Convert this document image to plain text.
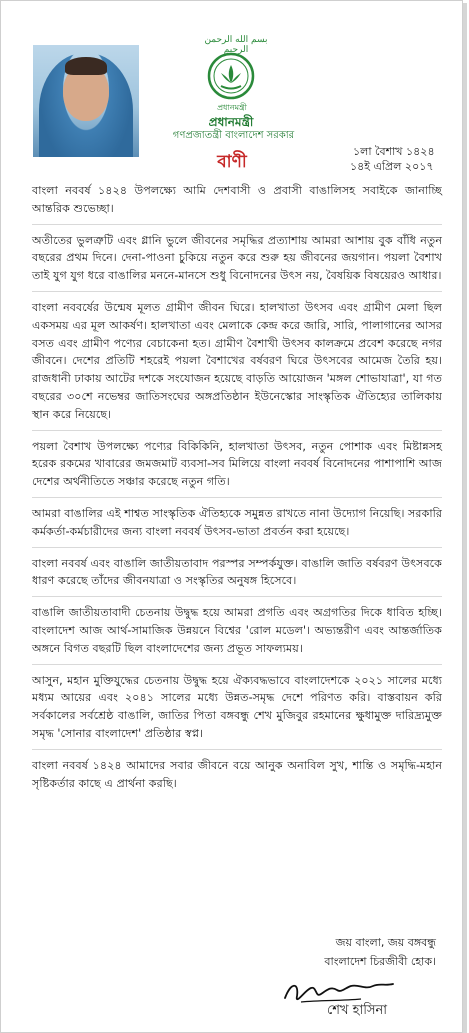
بسم الله الرحمن الرحيم
প্রধানমন্ত্রী
প্রধানমন্ত্রী
গণপ্রজাতন্ত্রী বাংলাদেশ সরকার
বাণী
১লা বৈশাখ ১৪২৪
১৪ই এপ্রিল ২০১৭

বাংলা নববর্ষ ১৪২৪ উপলক্ষ্যে আমি দেশবাসী ও প্রবাসী বাঙালিসহ সবাইকে জানাচ্ছি আন্তরিক শুভেচ্ছা।

অতীতের ভুলত্রুটি এবং গ্লানি ভুলে জীবনের সমৃদ্ধির প্রত্যাশায় আমরা আশায় বুক বাঁধি নতুন বছরের প্রথম দিনে। দেনা-পাওনা চুকিয়ে নতুন করে শুরু হয় জীবনের জয়গান। পয়লা বৈশাখ তাই যুগ যুগ ধরে বাঙালির মননে-মানসে শুধু বিনোদনের উৎস নয়, বৈষয়িক বিষয়েরও আধার।

বাংলা নববর্ষের উন্মেষ মূলত গ্রামীণ জীবন ঘিরে। হালখাতা উৎসব এবং গ্রামীণ মেলা ছিল একসময় এর মূল আকর্ষণ। হালখাতা এবং মেলাকে কেন্দ্র করে জারি, সারি, পালাগানের আসর বসত এবং গ্রামীণ পণ্যের বেচাকেনা হত। গ্রামীণ বৈশাখী উৎসব কালক্রমে প্রবেশ করেছে নগর জীবনে। দেশের প্রতিটি শহরেই পয়লা বৈশাখের বর্ষবরণ ঘিরে উৎসবের আমেজ তৈরি হয়। রাজধানী ঢাকায় আটের দশকে সংযোজন হয়েছে বাড়তি আয়োজন 'মঙ্গল শোভাযাত্রা', যা গত বছরের ৩০শে নভেম্বর জাতিসংঘের অঙ্গপ্রতিষ্ঠান ইউনেস্কোর সাংস্কৃতিক ঐতিহ্যের তালিকায় স্থান করে নিয়েছে।

পয়লা বৈশাখ উপলক্ষ্যে পণ্যের বিকিকিনি, হালখাতা উৎসব, নতুন পোশাক এবং মিষ্টান্নসহ হরেক রকমের খাবারের জমজমাট ব্যবসা-সব মিলিয়ে বাংলা নববর্ষ বিনোদনের পাশাপাশি আজ দেশের অর্থনীতিতে সঞ্চার করেছে নতুন গতি।

আমরা বাঙালির এই শাশ্বত সাংস্কৃতিক ঐতিহ্যকে সমুন্নত রাখতে নানা উদ্যোগ নিয়েছি। সরকারি কর্মকর্তা-কর্মচারীদের জন্য বাংলা নববর্ষ উৎসব-ভাতা প্রবর্তন করা হয়েছে।

বাংলা নববর্ষ এবং বাঙালি জাতীয়তাবাদ পরস্পর সম্পর্কযুক্ত। বাঙালি জাতি বর্ষবরণ উৎসবকে ধারণ করেছে তাঁদের জীবনযাত্রা ও সংস্কৃতির অনুষঙ্গ হিসেবে।

বাঙালি জাতীয়তাবাদী চেতনায় উদ্বুদ্ধ হয়ে আমরা প্রগতি এবং অগ্রগতির দিকে ধাবিত হচ্ছি। বাংলাদেশ আজ আর্থ-সামাজিক উন্নয়নে বিশ্বের 'রোল মডেল'। অভ্যন্তরীণ এবং আন্তর্জাতিক অঙ্গনে বিগত বছরটি ছিল বাংলাদেশের জন্য প্রভূত সাফল্যময়।

আসুন, মহান মুক্তিযুদ্ধের চেতনায় উদ্বুদ্ধ হয়ে ঐক্যবদ্ধভাবে বাংলাদেশকে ২০২১ সালের মধ্যে মধ্যম আয়ের এবং ২০৪১ সালের মধ্যে উন্নত-সমৃদ্ধ দেশে পরিণত করি। বাস্তবায়ন করি সর্বকালের সর্বশ্রেষ্ঠ বাঙালি, জাতির পিতা বঙ্গবন্ধু শেখ মুজিবুর রহমানের ক্ষুধামুক্ত দারিদ্র্যমুক্ত সমৃদ্ধ 'সোনার বাংলাদেশ' প্রতিষ্ঠার স্বপ্ন।

বাংলা নববর্ষ ১৪২৪ আমাদের সবার জীবনে বয়ে আনুক অনাবিল সুখ, শান্তি ও সমৃদ্ধি-মহান সৃষ্টিকর্তার কাছে এ প্রার্থনা করছি।

জয় বাংলা, জয় বঙ্গবন্ধু
বাংলাদেশ চিরজীবী হোক।
শেখ হাসিনা
